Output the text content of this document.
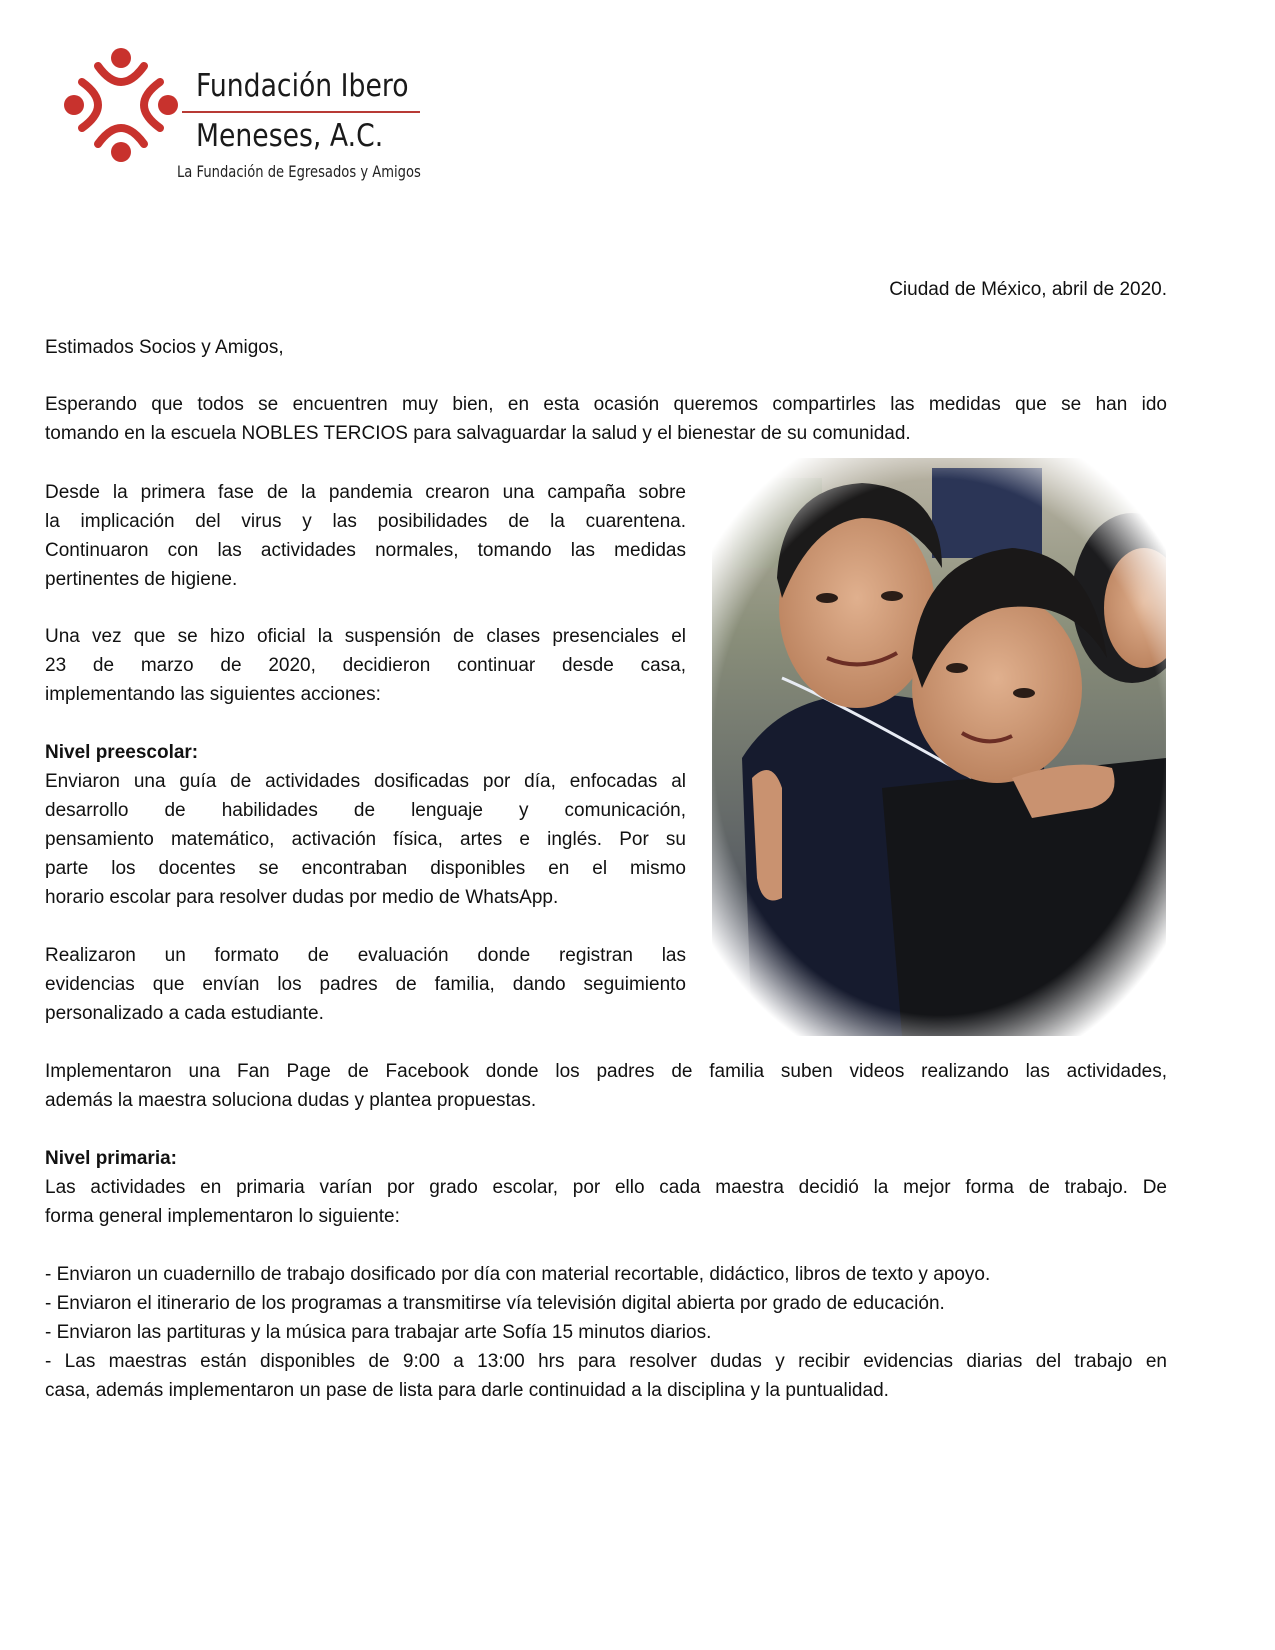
Fundación Ibero
Meneses, A.C.
La Fundación de Egresados y Amigos
Ciudad de México, abril de 2020.
Estimados Socios y Amigos,
Esperando que todos se encuentren muy bien, en esta ocasión queremos compartirles las medidas que se han ido
tomando en la escuela NOBLES TERCIOS para salvaguardar la salud y el bienestar de su comunidad.
Desde la primera fase de la pandemia crearon una campaña sobre
la implicación del virus y las posibilidades de la cuarentena.
Continuaron con las actividades normales, tomando las medidas
pertinentes de higiene.
Una vez que se hizo oficial la suspensión de clases presenciales el
23 de marzo de 2020, decidieron continuar desde casa,
implementando las siguientes acciones:
Nivel preescolar:
Enviaron una guía de actividades dosificadas por día, enfocadas al
desarrollo de habilidades de lenguaje y comunicación,
pensamiento matemático, activación física, artes e inglés. Por su
parte los docentes se encontraban disponibles en el mismo
horario escolar para resolver dudas por medio de WhatsApp.
Realizaron un formato de evaluación donde registran las
evidencias que envían los padres de familia, dando seguimiento
personalizado a cada estudiante.
Implementaron una Fan Page de Facebook donde los padres de familia suben videos realizando las actividades,
además la maestra soluciona dudas y plantea propuestas.
Nivel primaria:
Las actividades en primaria varían por grado escolar, por ello cada maestra decidió la mejor forma de trabajo. De
forma general implementaron lo siguiente:
- Enviaron un cuadernillo de trabajo dosificado por día con material recortable, didáctico, libros de texto y apoyo.
- Enviaron el itinerario de los programas a transmitirse vía televisión digital abierta por grado de educación.
- Enviaron las partituras y la música para trabajar arte Sofía 15 minutos diarios.
- Las maestras están disponibles de 9:00 a 13:00 hrs para resolver dudas y recibir evidencias diarias del trabajo en
casa, además implementaron un pase de lista para darle continuidad a la disciplina y la puntualidad.
